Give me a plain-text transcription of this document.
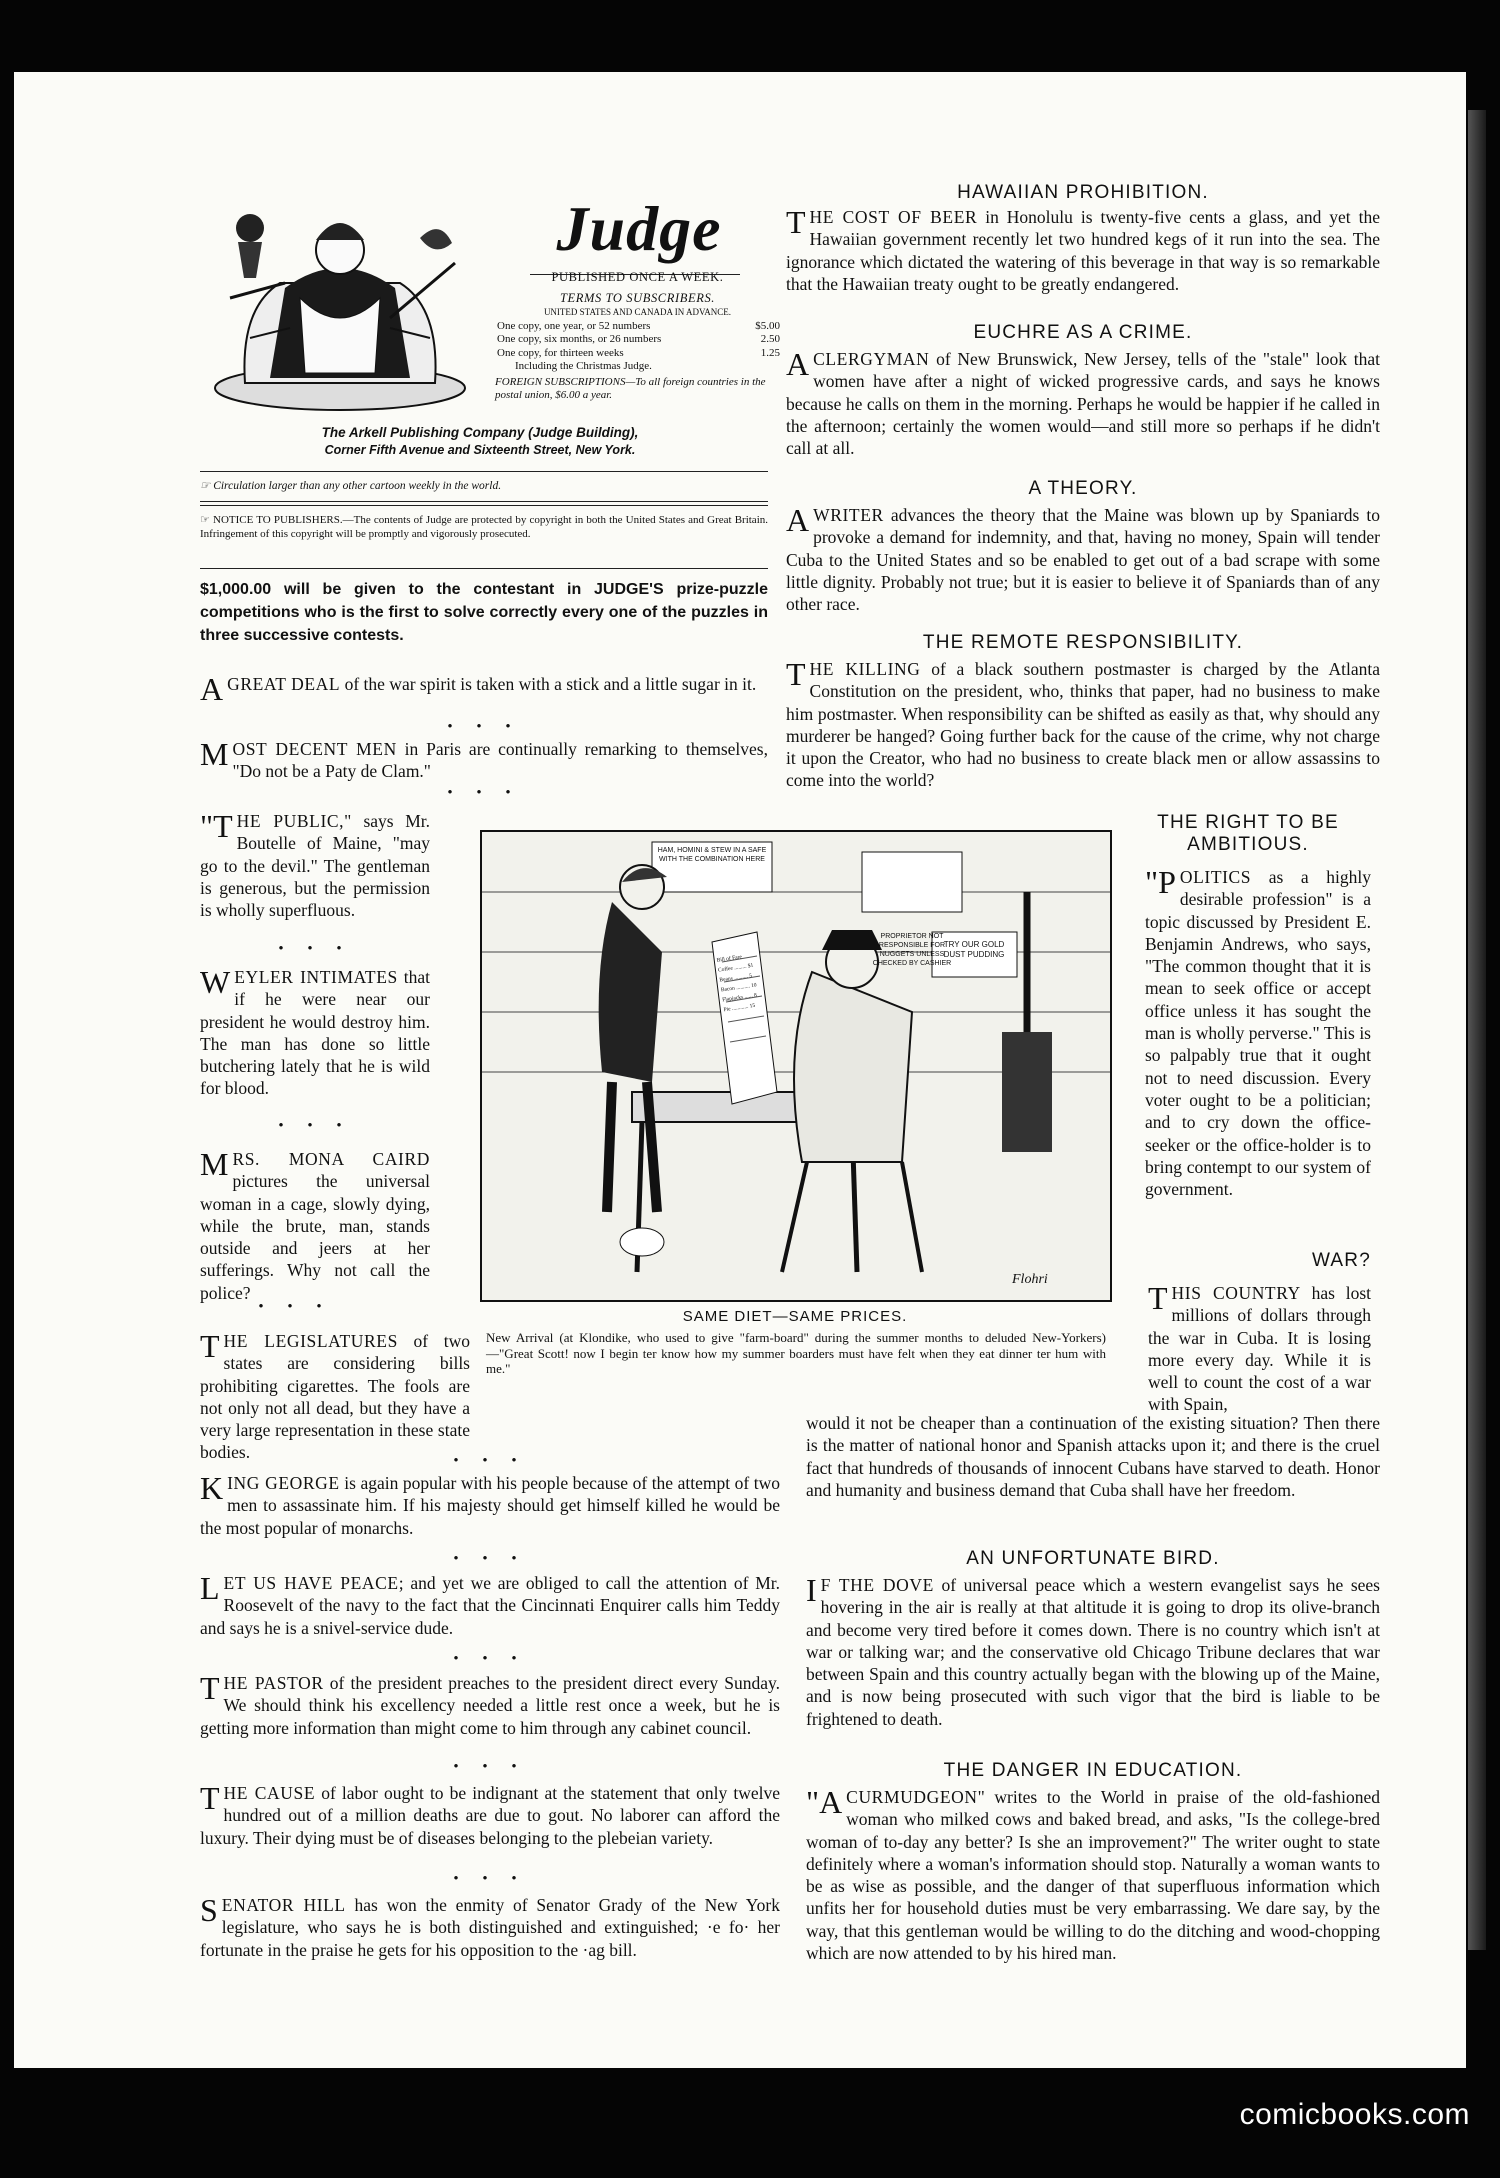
Judge
PUBLISHED ONCE A WEEK.
TERMS TO SUBSCRIBERS.
UNITED STATES AND CANADA IN ADVANCE.
One copy, one year, or 52 numbers	$5.00
One copy, six months, or 26 numbers	2.50
One copy, for thirteen weeks	1.25
Including the Christmas Judge.
FOREIGN SUBSCRIPTIONS—To all foreign countries in the postal union, $6.00 a year.
The Arkell Publishing Company (Judge Building),
Corner Fifth Avenue and Sixteenth Street, New York.
☞ Circulation larger than any other cartoon weekly in the world.
☞ NOTICE TO PUBLISHERS.—The contents of Judge are protected by copyright in both the United States and Great Britain. Infringement of this copyright will be promptly and vigorously prosecuted.
$1,000.00 will be given to the contestant in JUDGE'S prize-puzzle competitions who is the first to solve correctly every one of the puzzles in three successive contests.
AGREAT DEAL of the war spirit is taken with a stick and a little sugar in it.
• • •
MOST DECENT MEN in Paris are continually remarking to themselves, "Do not be a Paty de Clam."
• • •
"THE PUBLIC," says Mr. Boutelle of Maine, "may go to the devil." The gentleman is generous, but the permission is wholly superfluous.
• • •
WEYLER INTIMATES that if he were near our president he would destroy him. The man has done so little butchering lately that he is wild for blood.
• • •
MRS. MONA CAIRD pictures the universal woman in a cage, slowly dying, while the brute, man, stands outside and jeers at her sufferings. Why not call the police?
• • •
PROPRIETOR NOT RESPONSIBLE FOR NUGGETS UNLESS CHECKED BY CASHIER
TRY OUR GOLD DUST PUDDING
HAM, HOMINI & STEW IN A SAFE WITH THE COMBINATION HERE
Bill of Fare
Coffee ......... $1
Beans .......... 5
Bacon .......... 10
Flapjacks ...... 8
Pie ............ 15
Flohri
SAME DIET—SAME PRICES.
New Arrival (at Klondike, who used to give "farm-board" during the summer months to deluded New-Yorkers)—"Great Scott! now I begin ter know how my summer boarders must have felt when they eat dinner ter hum with me."
THE LEGISLATURES of two states are considering bills prohibiting cigarettes. The fools are not only not all dead, but they have a very large representation in these state bodies.
THE RIGHT TO BE AMBITIOUS.
"POLITICS as a highly desirable profession" is a topic discussed by President E. Benjamin Andrews, who says, "The common thought that it is mean to seek office or accept office unless it has sought the man is wholly perverse." This is so palpably true that it ought not to need discussion. Every voter ought to be a politician; and to cry down the office-seeker or the office-holder is to bring contempt to our system of government.
WAR?
THIS COUNTRY has lost millions of dollars through the war in Cuba. It is losing more every day. While it is well to count the cost of a war with Spain,
would it not be cheaper than a continuation of the existing situation? Then there is the matter of national honor and Spanish attacks upon it; and there is the cruel fact that hundreds of thousands of innocent Cubans have starved to death. Honor and humanity and business demand that Cuba shall have her freedom.
• • •
KING GEORGE is again popular with his people because of the attempt of two men to assassinate him. If his majesty should get himself killed he would be the most popular of monarchs.
• • •
LET US HAVE PEACE; and yet we are obliged to call the attention of Mr. Roosevelt of the navy to the fact that the Cincinnati Enquirer calls him Teddy and says he is a snivel-service dude.
• • •
THE PASTOR of the president preaches to the president direct every Sunday. We should think his excellency needed a little rest once a week, but he is getting more information than might come to him through any cabinet council.
• • •
THE CAUSE of labor ought to be indignant at the statement that only twelve hundred out of a million deaths are due to gout. No laborer can afford the luxury. Their dying must be of diseases belonging to the plebeian variety.
• • •
SENATOR HILL has won the enmity of Senator Grady of the New York legislature, who says he is both distinguished and extinguished; ·e fo· her fortunate in the praise he gets for his opposition to the ·ag bill.
HAWAIIAN PROHIBITION.
THE COST OF BEER in Honolulu is twenty-five cents a glass, and yet the Hawaiian government recently let two hundred kegs of it run into the sea. The ignorance which dictated the watering of this beverage in that way is so remarkable that the Hawaiian treaty ought to be greatly endangered.
EUCHRE AS A CRIME.
A CLERGYMAN of New Brunswick, New Jersey, tells of the "stale" look that women have after a night of wicked progressive cards, and says he knows because he calls on them in the morning. Perhaps he would be happier if he called in the afternoon; certainly the women would—and still more so perhaps if he didn't call at all.
A THEORY.
A WRITER advances the theory that the Maine was blown up by Spaniards to provoke a demand for indemnity, and that, having no money, Spain will tender Cuba to the United States and so be enabled to get out of a bad scrape with some little dignity. Probably not true; but it is easier to believe it of Spaniards than of any other race.
THE REMOTE RESPONSIBILITY.
THE KILLING of a black southern postmaster is charged by the Atlanta Constitution on the president, who, thinks that paper, had no business to make him postmaster. When responsibility can be shifted as easily as that, why should any murderer be hanged? Going further back for the cause of the crime, why not charge it upon the Creator, who had no business to create black men or allow assassins to come into the world?
AN UNFORTUNATE BIRD.
I F THE DOVE of universal peace which a western evangelist says he sees hovering in the air is really at that altitude it is going to drop its olive-branch and become very tired before it comes down. There is no country which isn't at war or talking war; and the conservative old Chicago Tribune declares that war between Spain and this country actually began with the blowing up of the Maine, and is now being prosecuted with such vigor that the bird is liable to be frightened to death.
THE DANGER IN EDUCATION.
"A CURMUDGEON" writes to the World in praise of the old-fashioned woman who milked cows and baked bread, and asks, "Is the college-bred woman of to-day any better? Is she an improvement?" The writer ought to state definitely where a woman's information should stop. Naturally a woman wants to be as wise as possible, and the danger of that superfluous information which unfits her for household duties must be very embarrassing. We dare say, by the way, that this gentleman would be willing to do the ditching and wood-chopping which are now attended to by his hired man.
comicbooks.com
